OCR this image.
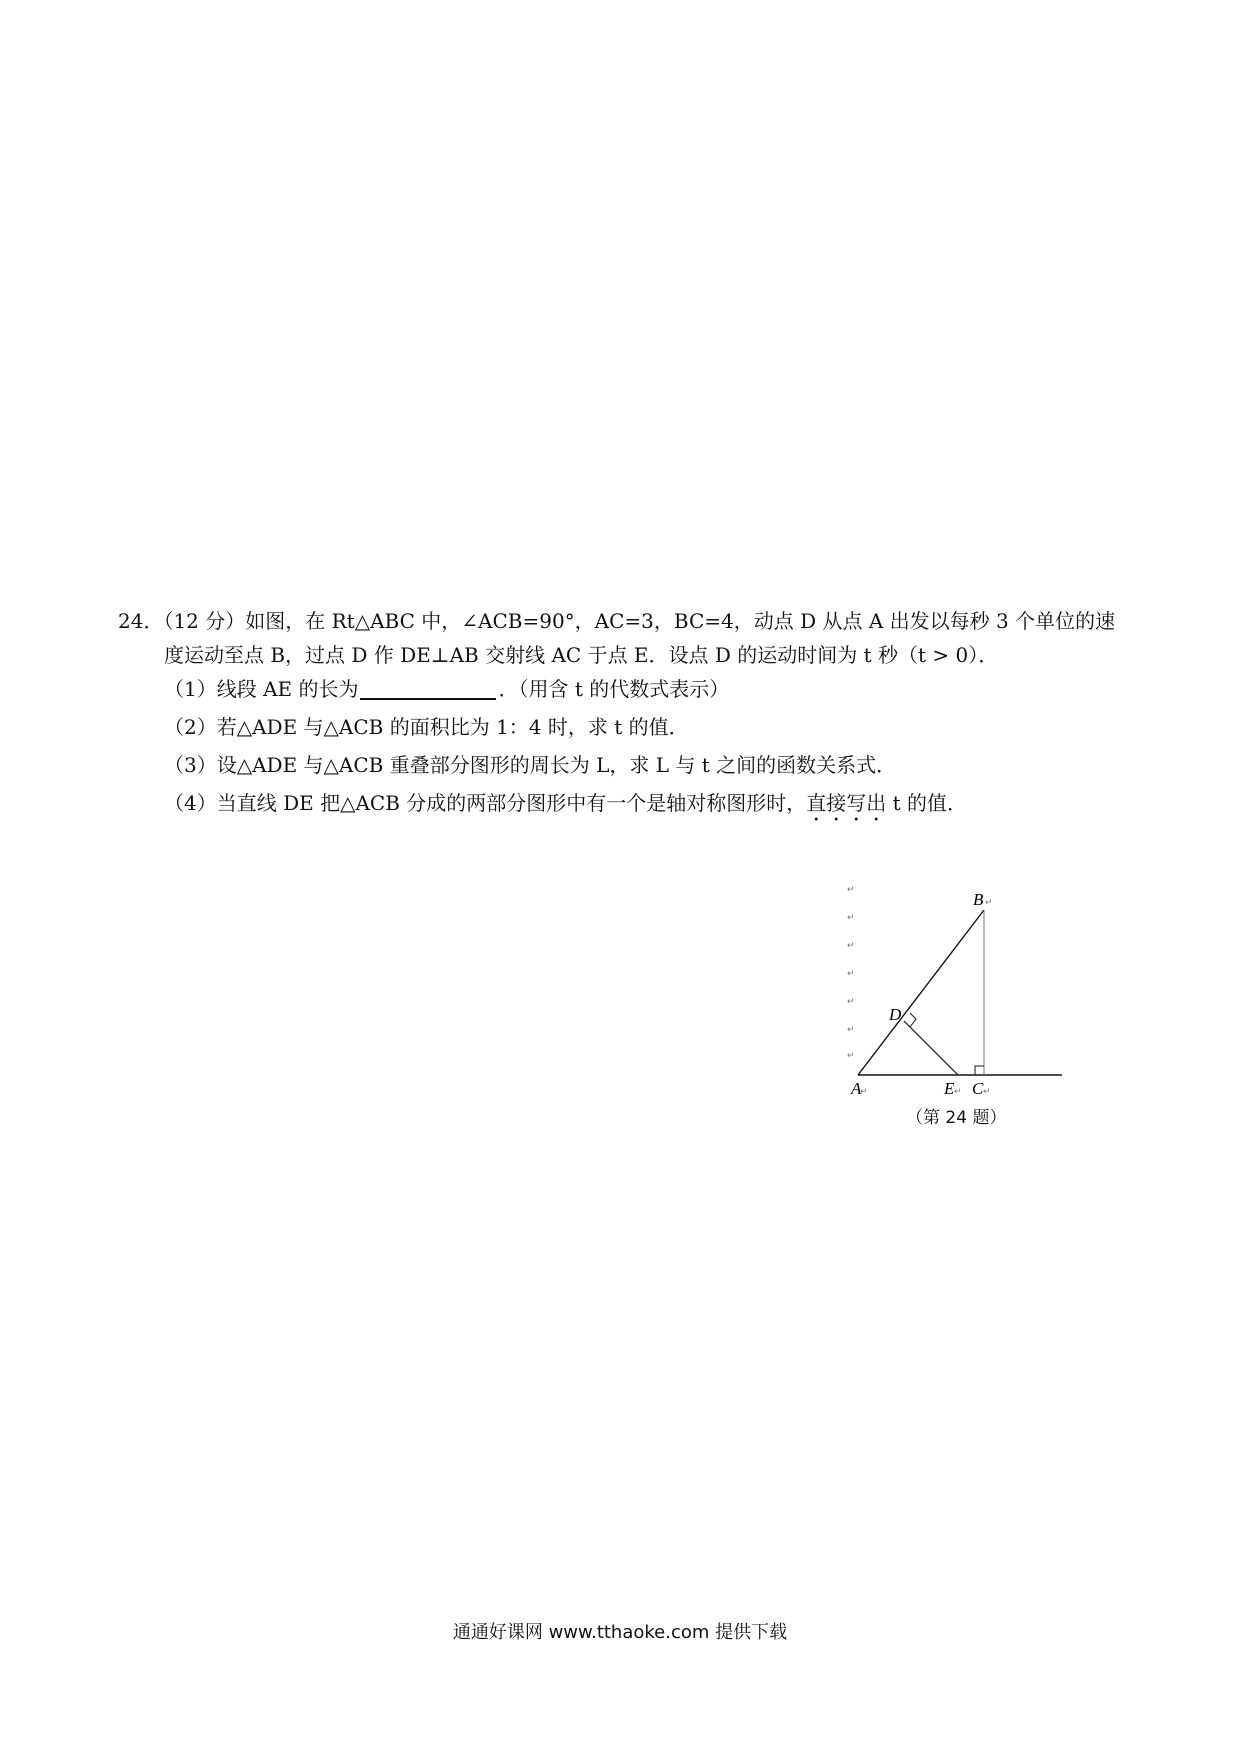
24．（12 分）如图，在 Rt△ABC 中，∠ACB=90°，AC=3，BC=4，动点 D 从点 A 出发以每秒 3 个单位的速
度运动至点 B，过点 D 作 DE⊥AB 交射线 AC 于点 E．设点 D 的运动时间为 t 秒（t > 0）．
（1）线段 AE 的长为	．（用含 t 的代数式表示）
（2）若△ADE 与△ACB 的面积比为 1：4 时，求 t 的值．
（3）设△ADE 与△ACB 重叠部分图形的周长为 L，求 L 与 t 之间的函数关系式．
（4）当直线 DE 把△ACB 分成的两部分图形中有一个是轴对称图形时，直接写出 t 的值．
↵
↵
↵
↵
↵
↵
↵
B ↵
D
A
↵	E ↵ C ↵
（第 24 题）
通通好课网 www.tthaoke.com 提供下载
